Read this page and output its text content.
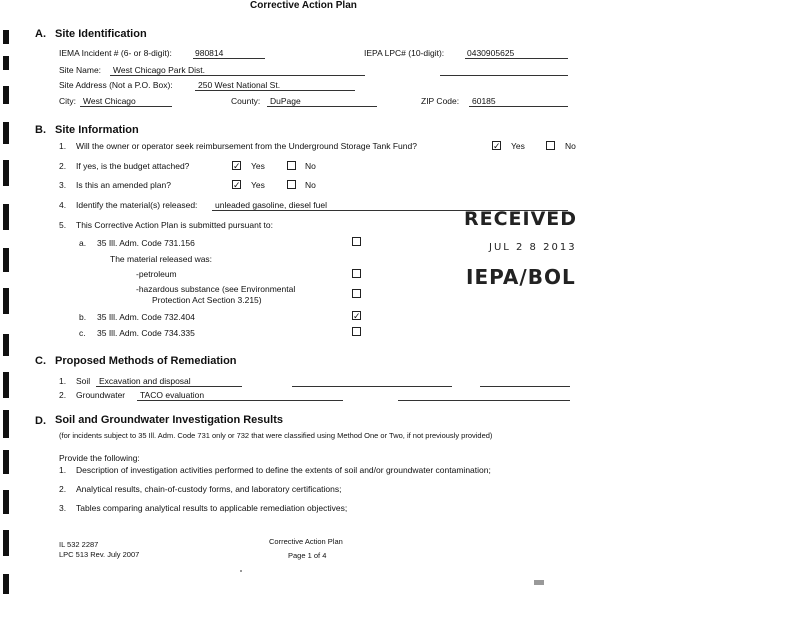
Corrective Action Plan
A. Site Identification
IEMA Incident # (6- or 8-digit):	980814	IEPA LPC# (10-digit):	0430905625
Site Name: West Chicago Park Dist.
Site Address (Not a P.O. Box):	250 West National St.
City: West Chicago	County: DuPage	ZIP Code: 60185
B. Site Information
1. Will the owner or operator seek reimbursement from the Underground Storage Tank Fund?	✓ Yes	No
2. If yes, is the budget attached?	✓ Yes	No
3. Is this an amended plan?	✓ Yes	No
4. Identify the material(s) released: unleaded gasoline, diesel fuel
5. This Corrective Action Plan is submitted pursuant to:
a. 35 Ill. Adm. Code 731.156
The material released was:
-petroleum
-hazardous substance (see Environmental
Protection Act Section 3.215)
b. 35 Ill. Adm. Code 732.404	✓
c. 35 Ill. Adm. Code 734.335
RECEIVED
JUL 2 8 2013
IEPA/BOL
C. Proposed Methods of Remediation
1. Soil Excavation and disposal
2. Groundwater TACO evaluation
D. Soil and Groundwater Investigation Results
(for incidents subject to 35 Ill. Adm. Code 731 only or 732 that were classified using Method One or Two, if not previously provided)
Provide the following:
1. Description of investigation activities performed to define the extents of soil and/or groundwater contamination;
2. Analytical results, chain-of-custody forms, and laboratory certifications;
3. Tables comparing analytical results to applicable remediation objectives;
IL 532 2287
LPC 513 Rev. July 2007
Corrective Action Plan
Page 1 of 4
